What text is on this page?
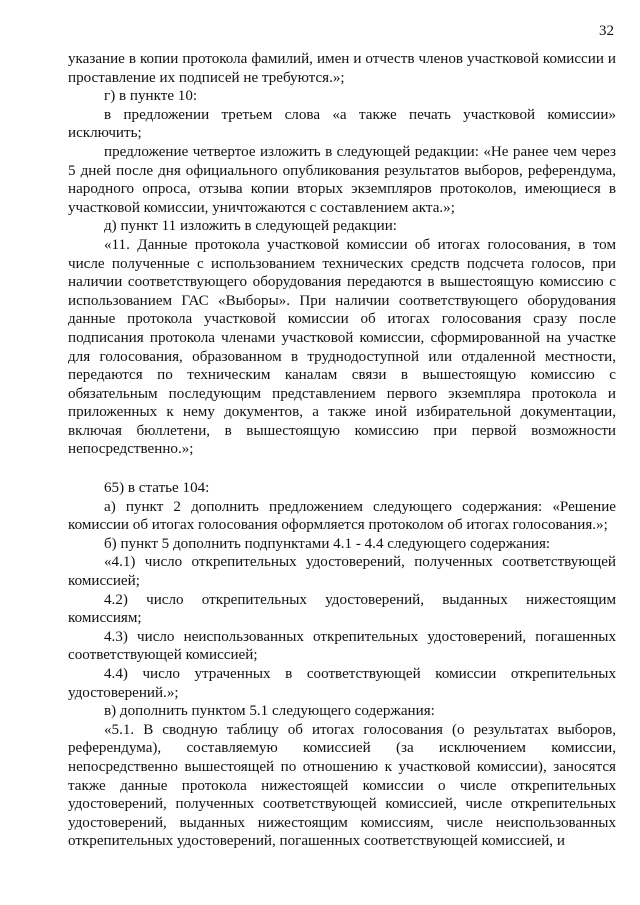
32

указание в копии протокола фамилий, имен и отчеств членов участковой комиссии и проставление их подписей не требуются.»;

г) в пункте 10:

в предложении третьем слова «а также печать участковой комиссии» исключить;

предложение четвертое изложить в следующей редакции: «Не ранее чем через 5 дней после дня официального опубликования результатов выборов, референдума, народного опроса, отзыва копии вторых экземпляров протоколов, имеющиеся в участковой комиссии, уничтожаются с составлением акта.»;

д) пункт 11 изложить в следующей редакции:

«11. Данные протокола участковой комиссии об итогах голосования, в том числе полученные с использованием технических средств подсчета голосов, при наличии соответствующего оборудования передаются в вышестоящую комиссию с использованием ГАС «Выборы». При наличии соответствующего оборудования данные протокола участковой комиссии об итогах голосования сразу после подписания протокола членами участковой комиссии, сформированной на участке для голосования, образованном в труднодоступной или отдаленной местности, передаются по техническим каналам связи в вышестоящую комиссию с обязательным последующим представлением первого экземпляра протокола и приложенных к нему документов, а также иной избирательной документации, включая бюллетени, в вышестоящую комиссию при первой возможности непосредственно.»;

65) в статье 104:

а) пункт 2 дополнить предложением следующего содержания: «Решение комиссии об итогах голосования оформляется протоколом об итогах голосования.»;

б) пункт 5 дополнить подпунктами 4.1 - 4.4 следующего содержания:

«4.1) число открепительных удостоверений, полученных соответствующей комиссией;

4.2) число открепительных удостоверений, выданных нижестоящим комиссиям;

4.3) число неиспользованных открепительных удостоверений, погашенных соответствующей комиссией;

4.4) число утраченных в соответствующей комиссии открепительных удостоверений.»;

в) дополнить пунктом 5.1 следующего содержания:

«5.1. В сводную таблицу об итогах голосования (о результатах выборов, референдума), составляемую комиссией (за исключением комиссии, непосредственно вышестоящей по отношению к участковой комиссии), заносятся также данные протокола нижестоящей комиссии о числе открепительных удостоверений, полученных соответствующей комиссией, числе открепительных удостоверений, выданных нижестоящим комиссиям, числе неиспользованных открепительных удостоверений, погашенных соответствующей комиссией, и
